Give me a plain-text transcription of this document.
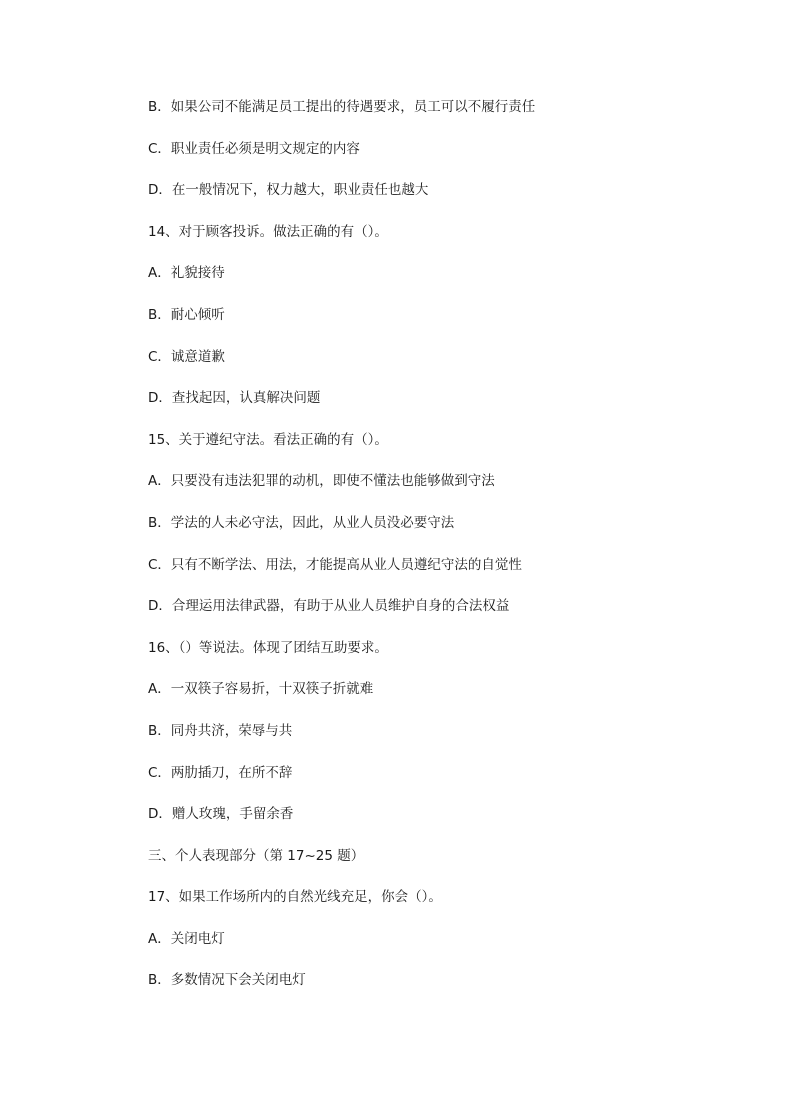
B．如果公司不能满足员工提出的待遇要求，员工可以不履行责任
C．职业责任必须是明文规定的内容
D．在一般情况下，权力越大，职业责任也越大
14、对于顾客投诉。做法正确的有（）。
A．礼貌接待
B．耐心倾听
C．诚意道歉
D．查找起因，认真解决问题
15、关于遵纪守法。看法正确的有（）。
A．只要没有违法犯罪的动机，即使不懂法也能够做到守法
B．学法的人未必守法，因此，从业人员没必要守法
C．只有不断学法、用法，才能提高从业人员遵纪守法的自觉性
D．合理运用法律武器，有助于从业人员维护自身的合法权益
16、（）等说法。体现了团结互助要求。
A．一双筷子容易折，十双筷子折就难
B．同舟共济，荣辱与共
C．两肋插刀，在所不辞
D．赠人玫瑰，手留余香
三、个人表现部分（第 17~25 题）
17、如果工作场所内的自然光线充足，你会（）。
A．关闭电灯
B．多数情况下会关闭电灯
